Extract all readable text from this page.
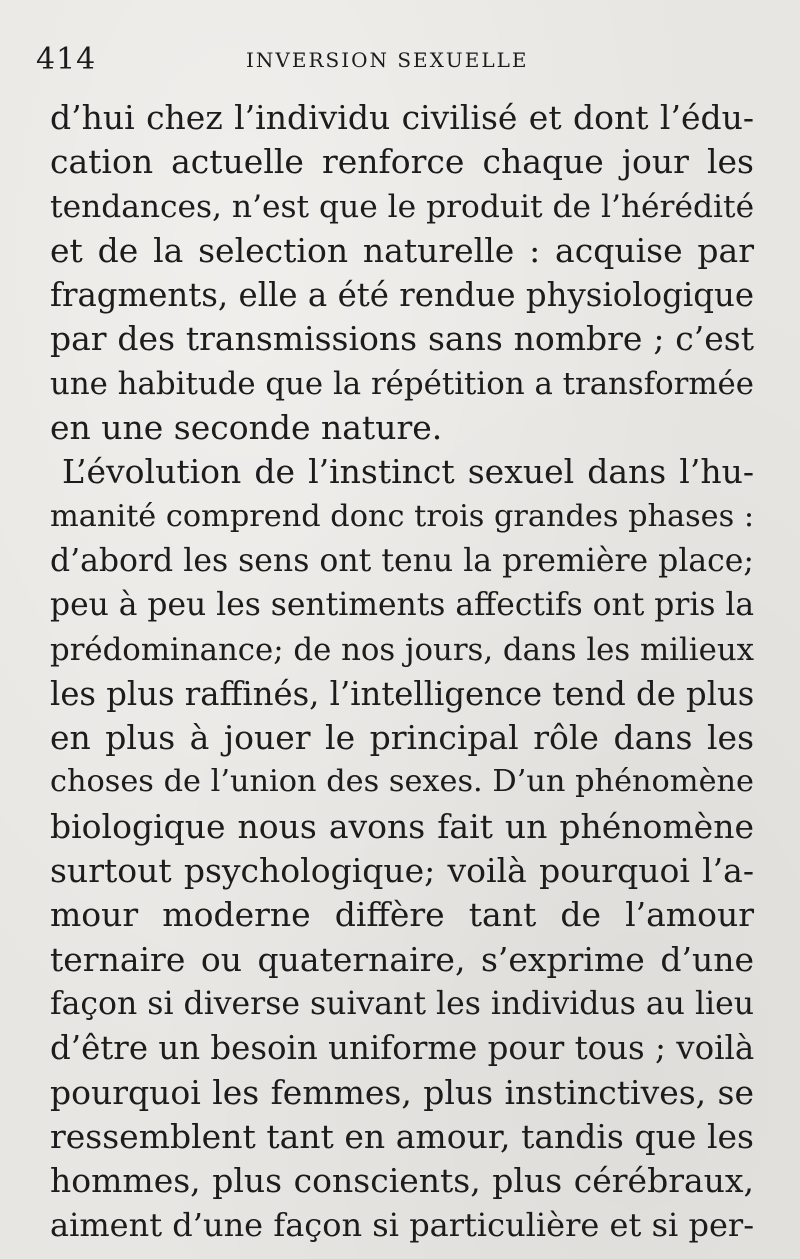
414	INVERSION SEXUELLE
d’hui chez l’individu civilisé et dont l’édu-
cation actuelle renforce chaque jour les
tendances, n’est que le produit de l’hérédité
et de la selection naturelle : acquise par
fragments, elle a été rendue physiologique
par des transmissions sans nombre ; c’est
une habitude que la répétition a transformée
en une seconde nature.
L’évolution de l’instinct sexuel dans l’hu-
manité comprend donc trois grandes phases :
d’abord les sens ont tenu la première place;
peu à peu les sentiments affectifs ont pris la
prédominance; de nos jours, dans les milieux
les plus raffinés, l’intelligence tend de plus
en plus à jouer le principal rôle dans les
choses de l’union des sexes. D’un phénomène
biologique nous avons fait un phénomène
surtout psychologique; voilà pourquoi l’a-
mour moderne diffère tant de l’amour
ternaire ou quaternaire, s’exprime d’une
façon si diverse suivant les individus au lieu
d’être un besoin uniforme pour tous ; voilà
pourquoi les femmes, plus instinctives, se
ressemblent tant en amour, tandis que les
hommes, plus conscients, plus cérébraux,
aiment d’une façon si particulière et si per-
